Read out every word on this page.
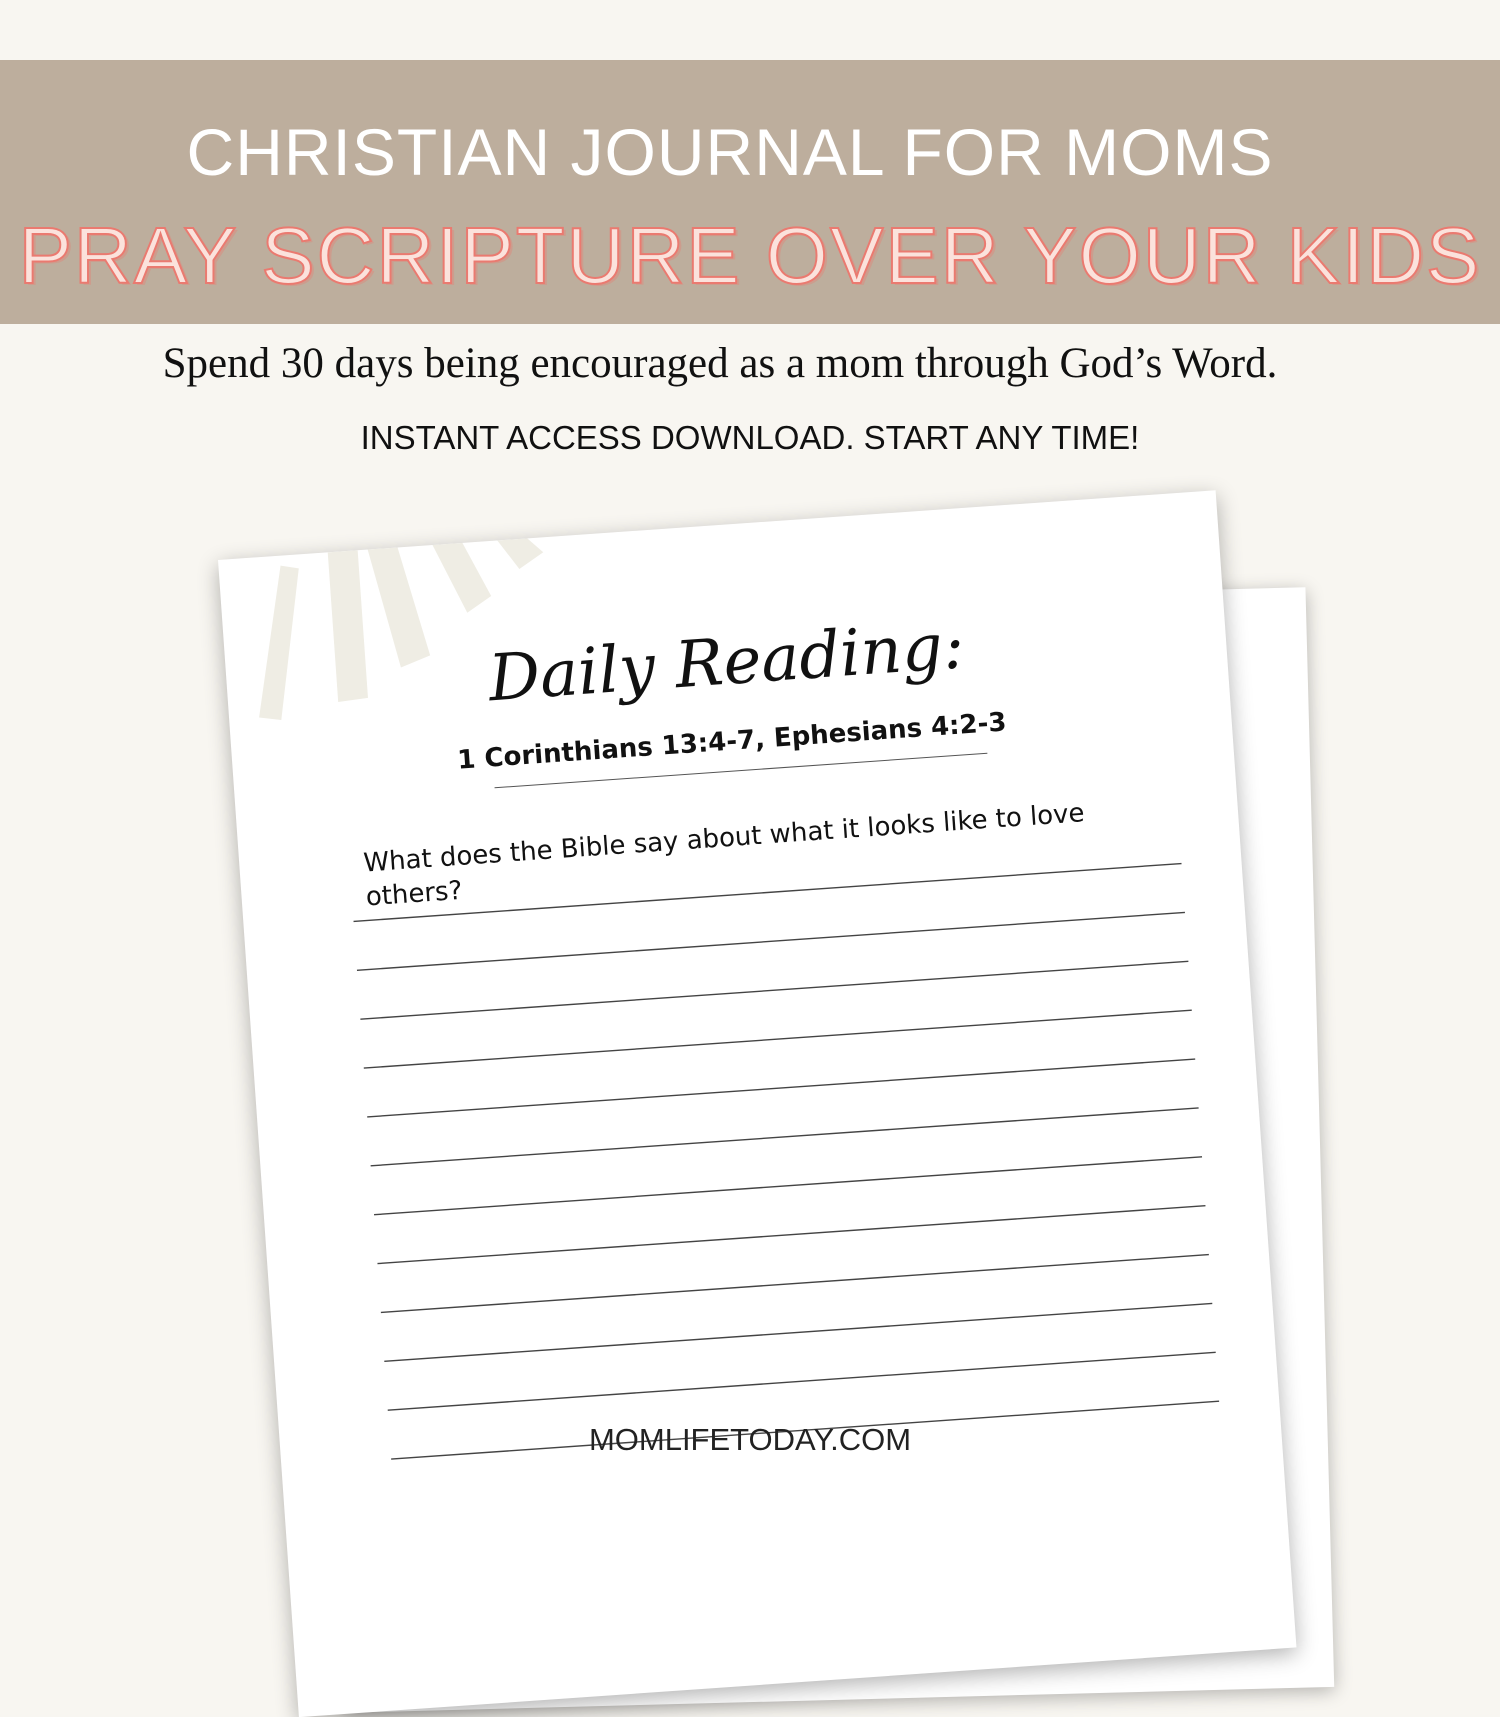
CHRISTIAN JOURNAL FOR MOMS
PRAY SCRIPTURE OVER YOUR KIDS
Spend 30 days being encouraged as a mom through God’s Word.
INSTANT ACCESS DOWNLOAD. START ANY TIME!
Daily Reading:
1 Corinthians 13:4-7, Ephesians 4:2-3
What does the Bible say about what it looks like to love others?
MOMLIFETODAY.COM
